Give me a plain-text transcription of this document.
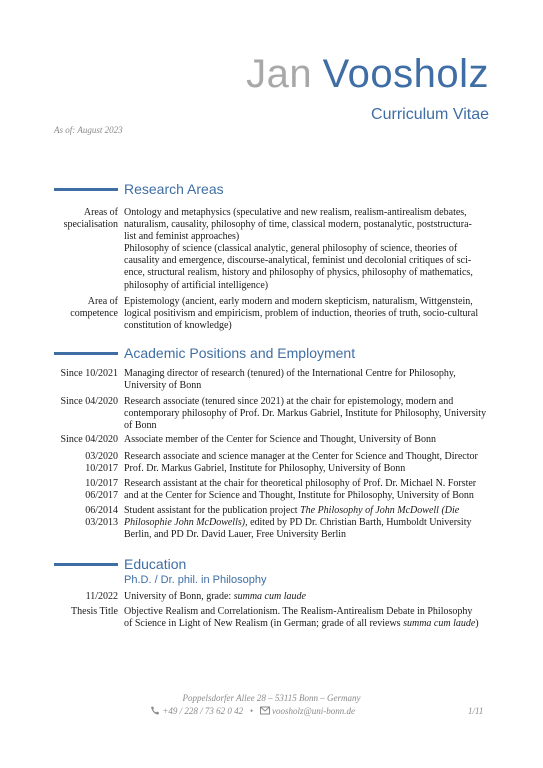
Jan Voosholz
Curriculum Vitae
As of: August 2023
Research Areas
Areas of
specialisation
Ontology and metaphysics (speculative and new realism, realism-antirealism debates,
naturalism, causality, philosophy of time, classical modern, postanalytic, poststructura-
list and feminist approaches)
Philosophy of science (classical analytic, general philosophy of science, theories of
causality and emergence, discourse-analytical, feminist und decolonial critiques of sci-
ence, structural realism, history and philosophy of physics, philosophy of mathematics,
philosophy of artificial intelligence)
Area of
competence
Epistemology (ancient, early modern and modern skepticism, naturalism, Wittgenstein,
logical positivism and empiricism, problem of induction, theories of truth, socio-cultural
constitution of knowledge)
Academic Positions and Employment
Since 10/2021 Managing director of research (tenured) of the International Centre for Philosophy,
University of Bonn
Since 04/2020 Research associate (tenured since 2021) at the chair for epistemology, modern and
contemporary philosophy of Prof. Dr. Markus Gabriel, Institute for Philosophy, University
of Bonn
Since 04/2020 Associate member of the Center for Science and Thought, University of Bonn
03/2020
10/2017
Research associate and science manager at the Center for Science and Thought, Director
Prof. Dr. Markus Gabriel, Institute for Philosophy, University of Bonn
10/2017
06/2017
Research assistant at the chair for theoretical philosophy of Prof. Dr. Michael N. Forster
and at the Center for Science and Thought, Institute for Philosophy, University of Bonn
06/2014
03/2013
Student assistant for the publication project The Philosophy of John McDowell (Die
Philosophie John McDowells), edited by PD Dr. Christian Barth, Humboldt University
Berlin, and PD Dr. David Lauer, Free University Berlin
Education
Ph.D. / Dr. phil. in Philosophy
11/2022 University of Bonn, grade: summa cum laude
Thesis Title Objective Realism and Correlationism. The Realism-Antirealism Debate in Philosophy
of Science in Light of New Realism (in German; grade of all reviews summa cum laude)
Poppelsdorfer Allee 28 – 53115 Bonn – Germany
+49 / 228 / 73 62 0 42 • voosholz@uni-bonn.de	1/11
